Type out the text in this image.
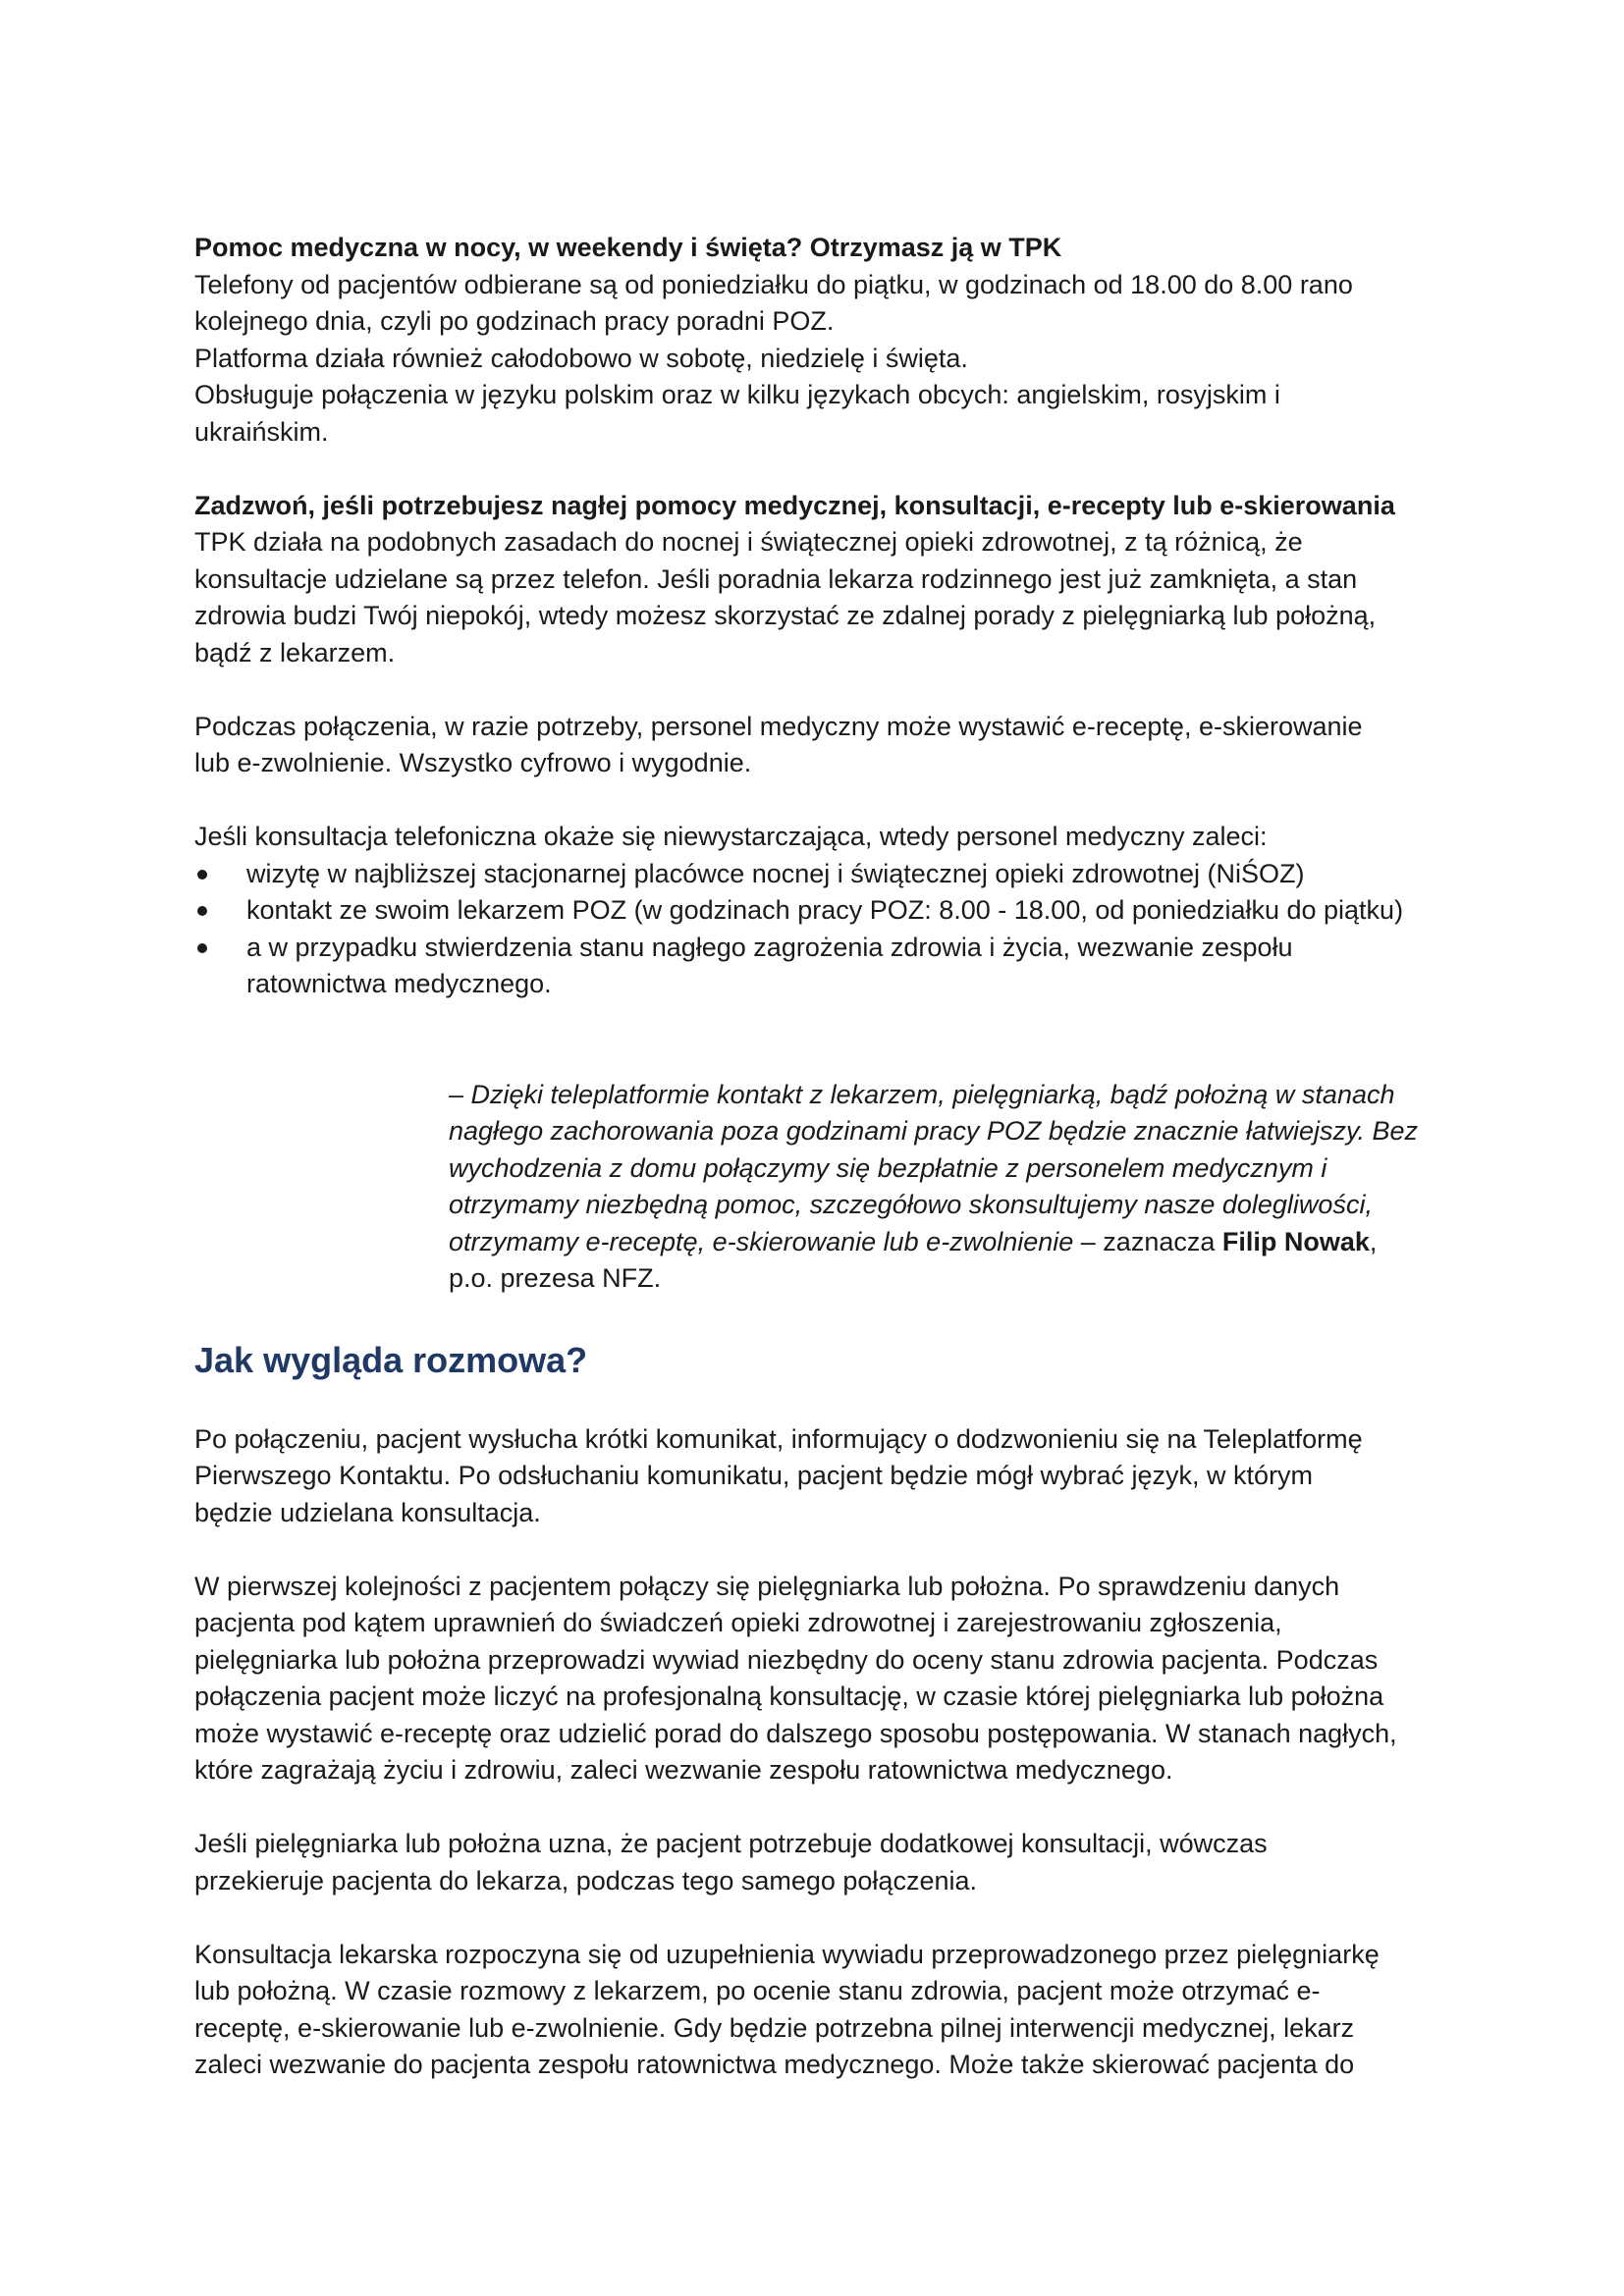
Pomoc medyczna w nocy, w weekendy i święta? Otrzymasz ją w TPK

Telefony od pacjentów odbierane są od poniedziałku do piątku, w godzinach od 18.00 do 8.00 rano

kolejnego dnia, czyli po godzinach pracy poradni POZ.

Platforma działa również całodobowo w sobotę, niedzielę i święta.

Obsługuje połączenia w języku polskim oraz w kilku językach obcych: angielskim, rosyjskim i

ukraińskim.

Zadzwoń, jeśli potrzebujesz nagłej pomocy medycznej, konsultacji, e-recepty lub e-skierowania

TPK działa na podobnych zasadach do nocnej i świątecznej opieki zdrowotnej, z tą różnicą, że

konsultacje udzielane są przez telefon. Jeśli poradnia lekarza rodzinnego jest już zamknięta, a stan

zdrowia budzi Twój niepokój, wtedy możesz skorzystać ze zdalnej porady z pielęgniarką lub położną,

bądź z lekarzem.

Podczas połączenia, w razie potrzeby, personel medyczny może wystawić e-receptę, e-skierowanie

lub e-zwolnienie. Wszystko cyfrowo i wygodnie.

Jeśli konsultacja telefoniczna okaże się niewystarczająca, wtedy personel medyczny zaleci:

wizytę w najbliższej stacjonarnej placówce nocnej i świątecznej opieki zdrowotnej (NiŚOZ)
kontakt ze swoim lekarzem POZ (w godzinach pracy POZ: 8.00 - 18.00, od poniedziałku do piątku)
a w przypadku stwierdzenia stanu nagłego zagrożenia zdrowia i życia, wezwanie zespołu
ratownictwa medycznego.

– Dzięki teleplatformie kontakt z lekarzem, pielęgniarką, bądź położną w stanach

nagłego zachorowania poza godzinami pracy POZ będzie znacznie łatwiejszy. Bez

wychodzenia z domu połączymy się bezpłatnie z personelem medycznym i

otrzymamy niezbędną pomoc, szczegółowo skonsultujemy nasze dolegliwości,

otrzymamy e-receptę, e-skierowanie lub e-zwolnienie – zaznacza Filip Nowak,

p.o. prezesa NFZ.

Jak wygląda rozmowa?

Po połączeniu, pacjent wysłucha krótki komunikat, informujący o dodzwonieniu się na Teleplatformę

Pierwszego Kontaktu. Po odsłuchaniu komunikatu, pacjent będzie mógł wybrać język, w którym

będzie udzielana konsultacja.

W pierwszej kolejności z pacjentem połączy się pielęgniarka lub położna. Po sprawdzeniu danych

pacjenta pod kątem uprawnień do świadczeń opieki zdrowotnej i zarejestrowaniu zgłoszenia,

pielęgniarka lub położna przeprowadzi wywiad niezbędny do oceny stanu zdrowia pacjenta. Podczas

połączenia pacjent może liczyć na profesjonalną konsultację, w czasie której pielęgniarka lub położna

może wystawić e-receptę oraz udzielić porad do dalszego sposobu postępowania. W stanach nagłych,

które zagrażają życiu i zdrowiu, zaleci wezwanie zespołu ratownictwa medycznego.

Jeśli pielęgniarka lub położna uzna, że pacjent potrzebuje dodatkowej konsultacji, wówczas

przekieruje pacjenta do lekarza, podczas tego samego połączenia.

Konsultacja lekarska rozpoczyna się od uzupełnienia wywiadu przeprowadzonego przez pielęgniarkę

lub położną. W czasie rozmowy z lekarzem, po ocenie stanu zdrowia, pacjent może otrzymać e-

receptę, e-skierowanie lub e-zwolnienie. Gdy będzie potrzebna pilnej interwencji medycznej, lekarz

zaleci wezwanie do pacjenta zespołu ratownictwa medycznego. Może także skierować pacjenta do
